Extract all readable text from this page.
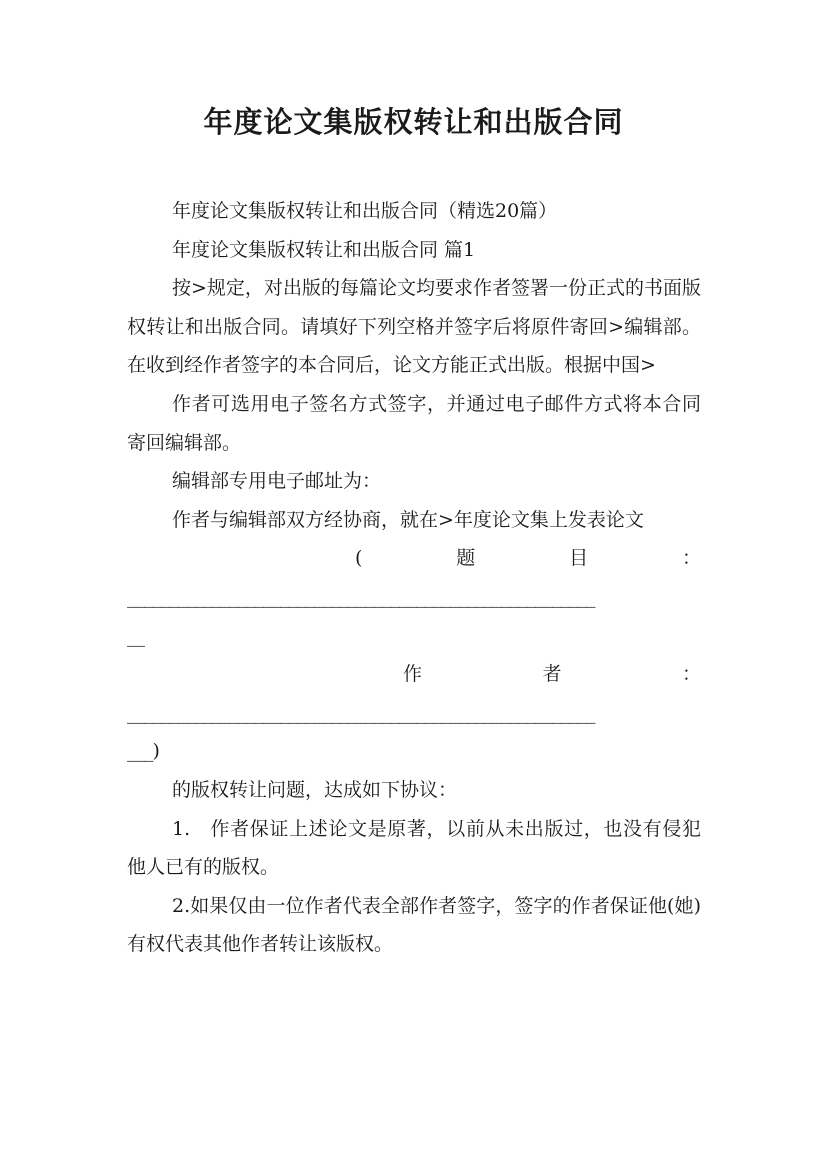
年度论文集版权转让和出版合同

年度论文集版权转让和出版合同（精选20篇）

年度论文集版权转让和出版合同 篇1

按>规定，对出版的每篇论文均要求作者签署一份正式的书面版权转让和出版合同。请填好下列空格并签字后将原件寄回>编辑部。在收到经作者签字的本合同后，论文方能正式出版。根据中国>

作者可选用电子签名方式签字，并通过电子邮件方式将本合同寄回编辑部。

编辑部专用电子邮址为：

作者与编辑部双方经协商，就在>年度论文集上发表论文

(	题	目	：
_______________________________________________________
__
作	者	：
_______________________________________________________
___)

的版权转让问题，达成如下协议：

1.　作者保证上述论文是原著，以前从未出版过，也没有侵犯他人已有的版权。

2.如果仅由一位作者代表全部作者签字，签字的作者保证他(她)有权代表其他作者转让该版权。
